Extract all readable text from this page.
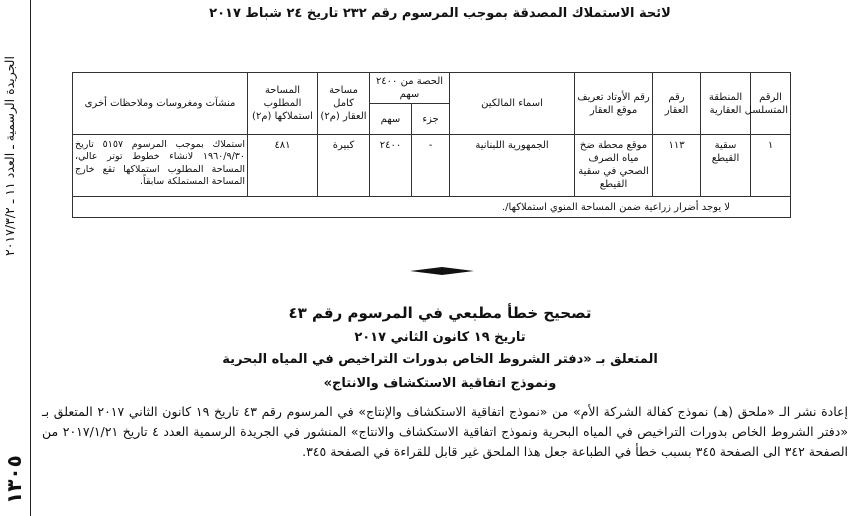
الجريدة الرسمية ـ العدد ١١ ـ ٢٠١٧/٣/٢
١٣٠٥
لائحة الاستملاك المصدقة بموجب المرسوم رقم ٢٣٢ تاريخ ٢٤ شباط ٢٠١٧
الرقم المتسلسل	المنطقة العقارية	رقم العقار	رقم الأوتاد تعريف موقع العقار	اسماء المالكين	الحصة من ٢٤٠٠ سهم		مساحة كامل العقار (م٢)	المساحة المطلوب استملاكها (م٢)	منشآت ومغروسات وملاحظات أخرى
					جزء	سهم			
١	سقية القيطع	١١٣	موقع محطة ضخ مياه الصرف الصحي في سقية القيطع	الجمهورية اللبنانية	-	٢٤٠٠	كبيرة	٤٨١	استملاك بموجب المرسوم ٥١٥٧ تاريخ ١٩٦٠/٩/٣٠ لانشاء خطوط توتر عالي، المساحة المطلوب استملاكها تقع خارج المساحة المستملكة سابقاً.
لا يوجد أضرار زراعية ضمن المساحة المنوي استملاكها/.									
تصحيح خطأ مطبعي في المرسوم رقم ٤٣
تاريخ ١٩ كانون الثاني ٢٠١٧
المتعلق بـ «دفتر الشروط الخاص بدورات التراخيص في المياه البحرية
ونموذج اتفاقية الاستكشاف والانتاج»
إعادة نشر الـ «ملحق (هـ) نموذج كفالة الشركة الأم» من «نموذج اتفاقية الاستكشاف والإنتاج» في المرسوم رقم ٤٣ تاريخ ١٩ كانون الثاني ٢٠١٧ المتعلق بـ «دفتر الشروط الخاص بدورات التراخيص في المياه البحرية ونموذج اتفاقية الاستكشاف والانتاج» المنشور في الجريدة الرسمية العدد ٤ تاريخ ٢٠١٧/١/٢١ من الصفحة ٣٤٢ الى الصفحة ٣٤٥ بسبب خطأ في الطباعة جعل هذا الملحق غير قابل للقراءة في الصفحة ٣٤٥.
